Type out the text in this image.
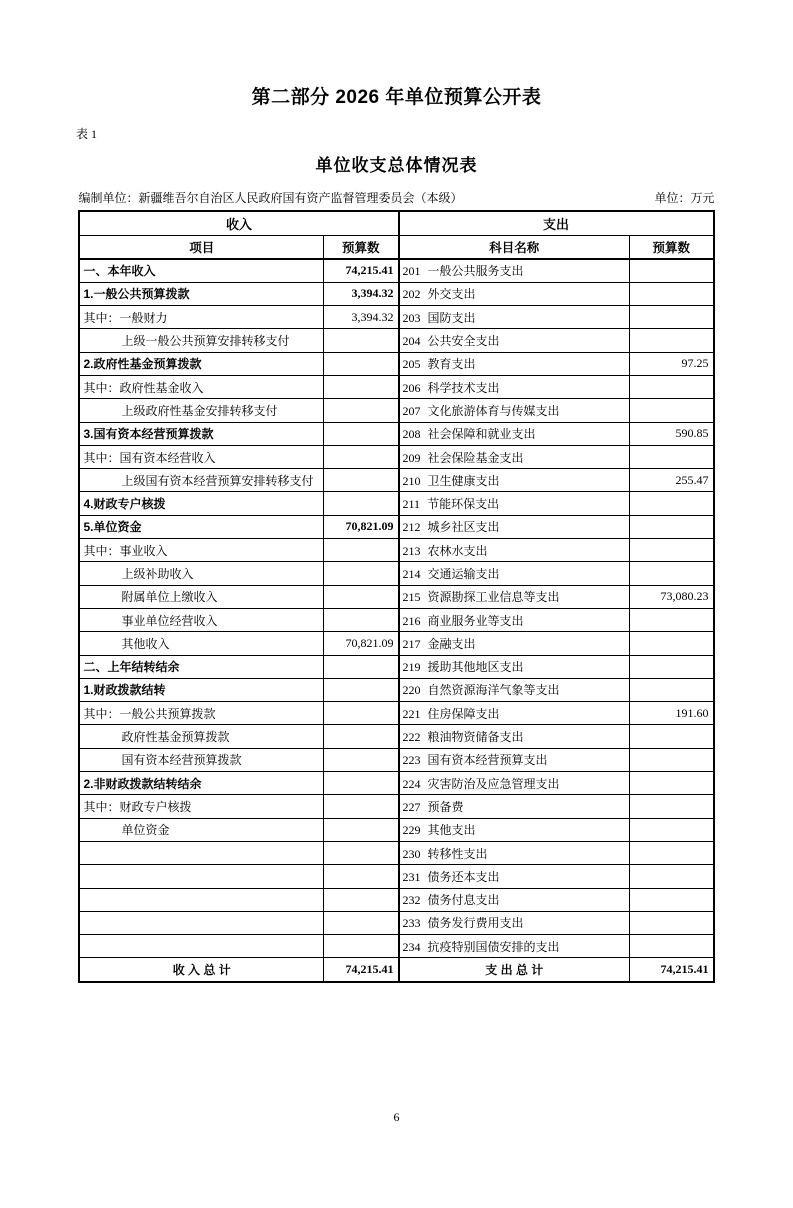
第二部分 2026 年单位预算公开表
表 1
单位收支总体情况表
编制单位：新疆维吾尔自治区人民政府国有资产监督管理委员会（本级）	单位：万元
收入		支出	
项目	预算数	科目名称	预算数
一、本年收入	74,215.41	201 一般公共服务支出	
1.一般公共预算拨款	3,394.32	202 外交支出	
其中：一般财力	3,394.32	203 国防支出	
上级一般公共预算安排转移支付		204 公共安全支出	
2.政府性基金预算拨款		205 教育支出	97.25
其中：政府性基金收入		206 科学技术支出	
上级政府性基金安排转移支付		207 文化旅游体育与传媒支出	
3.国有资本经营预算拨款		208 社会保障和就业支出	590.85
其中：国有资本经营收入		209 社会保险基金支出	
上级国有资本经营预算安排转移支付		210 卫生健康支出	255.47
4.财政专户核拨		211 节能环保支出	
5.单位资金	70,821.09	212 城乡社区支出	
其中：事业收入		213 农林水支出	
上级补助收入		214 交通运输支出	
附属单位上缴收入		215 资源勘探工业信息等支出	73,080.23
事业单位经营收入		216 商业服务业等支出	
其他收入	70,821.09	217 金融支出	
二、上年结转结余		219 援助其他地区支出	
1.财政拨款结转		220 自然资源海洋气象等支出	
其中：一般公共预算拨款		221 住房保障支出	191.60
政府性基金预算拨款		222 粮油物资储备支出	
国有资本经营预算拨款		223 国有资本经营预算支出	
2.非财政拨款结转结余		224 灾害防治及应急管理支出	
其中：财政专户核拨		227 预备费	
单位资金		229 其他支出	
		230 转移性支出	
		231 债务还本支出	
		232 债务付息支出	
		233 债务发行费用支出	
		234 抗疫特别国债安排的支出	
收 入 总 计	74,215.41	支 出 总 计	74,215.41
6
